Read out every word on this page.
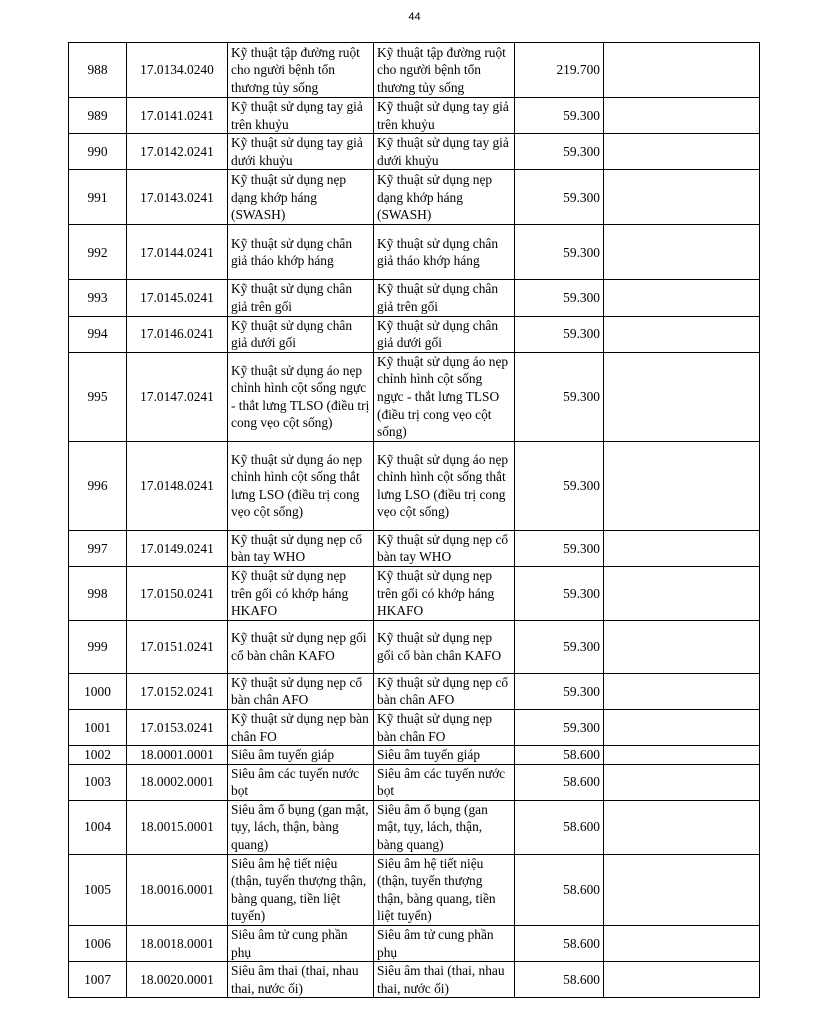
44
988	17.0134.0240	Kỹ thuật tập đường ruột cho người bệnh tổn thương tủy sống	Kỹ thuật tập đường ruột cho người bệnh tổn thương tủy sống	219.700	
989	17.0141.0241	Kỹ thuật sử dụng tay giả trên khuỷu	Kỹ thuật sử dụng tay giả trên khuỷu	59.300	
990	17.0142.0241	Kỹ thuật sử dụng tay giả dưới khuỷu	Kỹ thuật sử dụng tay giả dưới khuỷu	59.300	
991	17.0143.0241	Kỹ thuật sử dụng nẹp dạng khớp háng (SWASH)	Kỹ thuật sử dụng nẹp dạng khớp háng (SWASH)	59.300	
992	17.0144.0241	Kỹ thuật sử dụng chân giả tháo khớp háng	Kỹ thuật sử dụng chân giả tháo khớp háng	59.300	
993	17.0145.0241	Kỹ thuật sử dụng chân giả trên gối	Kỹ thuật sử dụng chân giả trên gối	59.300	
994	17.0146.0241	Kỹ thuật sử dụng chân giả dưới gối	Kỹ thuật sử dụng chân giả dưới gối	59.300	
995	17.0147.0241	Kỹ thuật sử dụng áo nẹp chỉnh hình cột sống ngực - thắt lưng TLSO (điều trị cong vẹo cột sống)	Kỹ thuật sử dụng áo nẹp chỉnh hình cột sống ngực - thắt lưng TLSO (điều trị cong vẹo cột sống)	59.300	
996	17.0148.0241	Kỹ thuật sử dụng áo nẹp chỉnh hình cột sống thắt lưng LSO (điều trị cong vẹo cột sống)	Kỹ thuật sử dụng áo nẹp chỉnh hình cột sống thắt lưng LSO (điều trị cong vẹo cột sống)	59.300	
997	17.0149.0241	Kỹ thuật sử dụng nẹp cổ bàn tay WHO	Kỹ thuật sử dụng nẹp cổ bàn tay WHO	59.300	
998	17.0150.0241	Kỹ thuật sử dụng nẹp trên gối có khớp háng HKAFO	Kỹ thuật sử dụng nẹp trên gối có khớp háng HKAFO	59.300	
999	17.0151.0241	Kỹ thuật sử dụng nẹp gối cổ bàn chân KAFO	Kỹ thuật sử dụng nẹp gối cổ bàn chân KAFO	59.300	
1000	17.0152.0241	Kỹ thuật sử dụng nẹp cổ bàn chân AFO	Kỹ thuật sử dụng nẹp cổ bàn chân AFO	59.300	
1001	17.0153.0241	Kỹ thuật sử dụng nẹp bàn chân FO	Kỹ thuật sử dụng nẹp bàn chân FO	59.300	
1002	18.0001.0001	Siêu âm tuyến giáp	Siêu âm tuyến giáp	58.600	
1003	18.0002.0001	Siêu âm các tuyến nước bọt	Siêu âm các tuyến nước bọt	58.600	
1004	18.0015.0001	Siêu âm ổ bụng (gan mật, tụy, lách, thận, bàng quang)	Siêu âm ổ bụng (gan mật, tụy, lách, thận, bàng quang)	58.600	
1005	18.0016.0001	Siêu âm hệ tiết niệu (thận, tuyến thượng thận, bàng quang, tiền liệt tuyến)	Siêu âm hệ tiết niệu (thận, tuyến thượng thận, bàng quang, tiền liệt tuyến)	58.600	
1006	18.0018.0001	Siêu âm tử cung phần phụ	Siêu âm tử cung phần phụ	58.600	
1007	18.0020.0001	Siêu âm thai (thai, nhau thai, nước ối)	Siêu âm thai (thai, nhau thai, nước ối)	58.600	
